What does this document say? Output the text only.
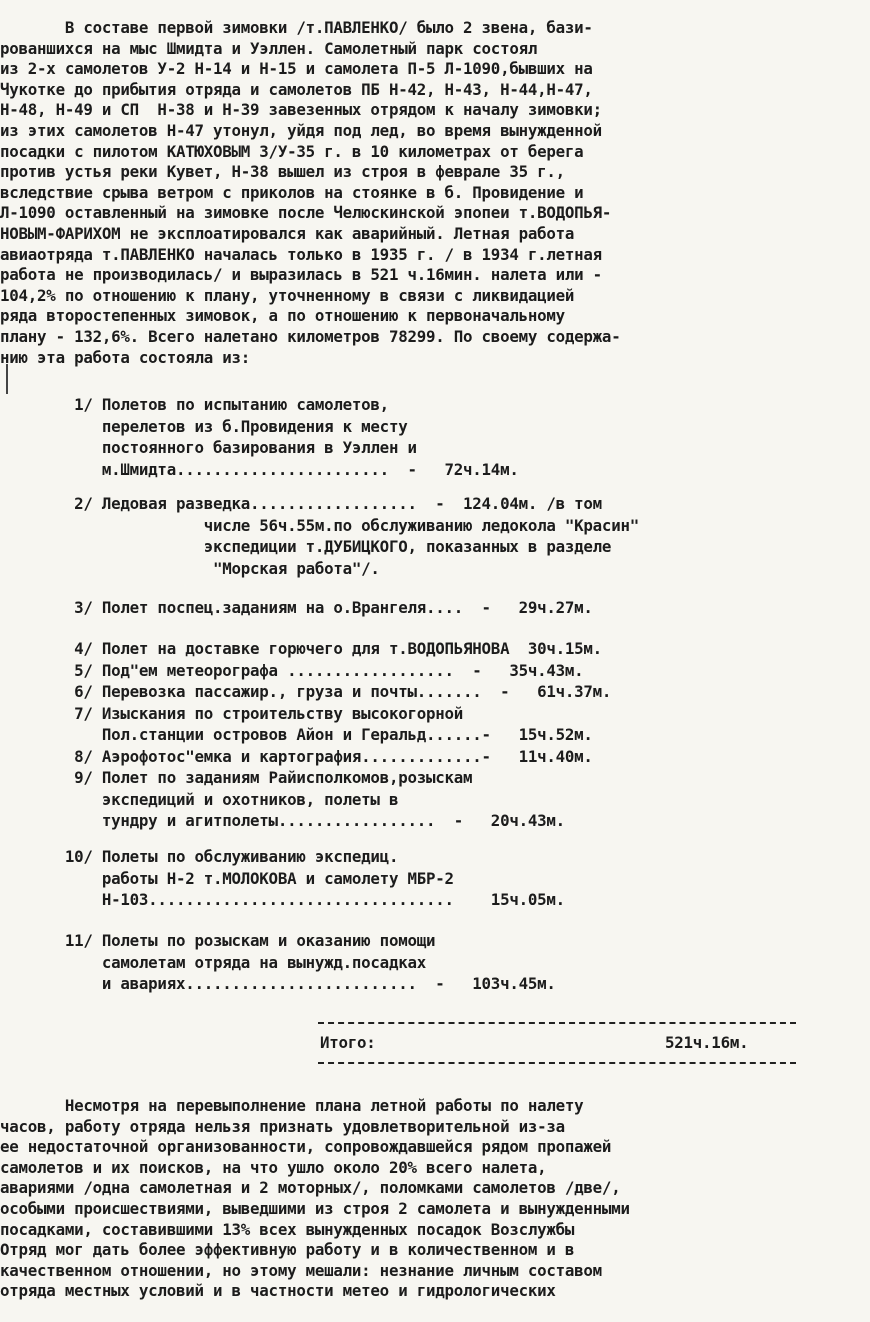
В составе первой зимовки /т.ПАВЛЕНКО/ было 2 звена, бази-
рованшихся на мыс Шмидта и Уэллен. Самолетный парк состоял
из 2-х самолетов У-2 Н-14 и Н-15 и самолета П-5 Л-1090,бывших на
Чукотке до прибытия отряда и самолетов ПБ Н-42, Н-43, Н-44,Н-47,
Н-48, Н-49 и СП  Н-38 и Н-39 завезенных отрядом к началу зимовки;
из этих самолетов Н-47 утонул, уйдя под лед, во время вынужденной
посадки с пилотом КАТЮХОВЫМ 3/У-35 г. в 10 километрах от берега
против устья реки Кувет, Н-38 вышел из строя в феврале 35 г.,
вследствие срыва ветром с приколов на стоянке в б. Провидение и
Л-1090 оставленный на зимовке после Челюскинской эпопеи т.ВОДОПЬЯ-
НОВЫМ-ФАРИХОМ не эксплоатировался как аварийный. Летная работа
авиаотряда т.ПАВЛЕНКО началась только в 1935 г. / в 1934 г.летная
работа не производилась/ и выразилась в 521 ч.16мин. налета или -
104,2% по отношению к плану, уточненному в связи с ликвидацией
ряда второстепенных зимовок, а по отношению к первоначальному
плану - 132,6%. Всего налетано километров 78299. По своему содержа-
нию эта работа состояла из:
1/ Полетов по испытанию самолетов,
перелетов из б.Провидения к месту
постоянного базирования в Уэллен и
м.Шмидта.......................  -   72ч.14м.
2/ Ледовая разведка..................  -  124.04м. /в том
числе 56ч.55м.по обслуживанию ледокола "Красин"
экспедиции т.ДУБИЦКОГО, показанных в разделе
"Морская работа"/.
3/ Полет поспец.заданиям на о.Врангеля....  -   29ч.27м.
4/ Полет на доставке горючего для т.ВОДОПЬЯНОВА  30ч.15м.
5/ Под"ем метеорографа ..................  -   35ч.43м.
6/ Перевозка пассажир., груза и почты.......  -   61ч.37м.
7/ Изыскания по строительству высокогорной
Пол.станции островов Айон и Геральд......-   15ч.52м.
8/ Аэрофотос"емка и картография.............-   11ч.40м.
9/ Полет по заданиям Райисполкомов,розыскам
экспедиций и охотников, полеты в
тундру и агитполеты.................  -   20ч.43м.
10/ Полеты по обслуживанию экспедиц.
работы Н-2 т.МОЛОКОВА и самолету МБР-2
Н-103.................................    15ч.05м.
11/ Полеты по розыскам и оказанию помощи
самолетам отряда на вынужд.посадках
и авариях.........................  -   103ч.45м.
Итого:	521ч.16м.
Несмотря на перевыполнение плана летной работы по налету
часов, работу отряда нельзя признать удовлетворительной из-за
ее недостаточной организованности, сопровождавшейся рядом пропажей
самолетов и их поисков, на что ушло около 20% всего налета,
авариями /одна самолетная и 2 моторных/, поломками самолетов /две/,
особыми происшествиями, выведшими из строя 2 самолета и вынужденными
посадками, составившими 13% всех вынужденных посадок Возслужбы
Отряд мог дать более эффективную работу и в количественном и в
качественном отношении, но этому мешали: незнание личным составом
отряда местных условий и в частности метео и гидрологических
